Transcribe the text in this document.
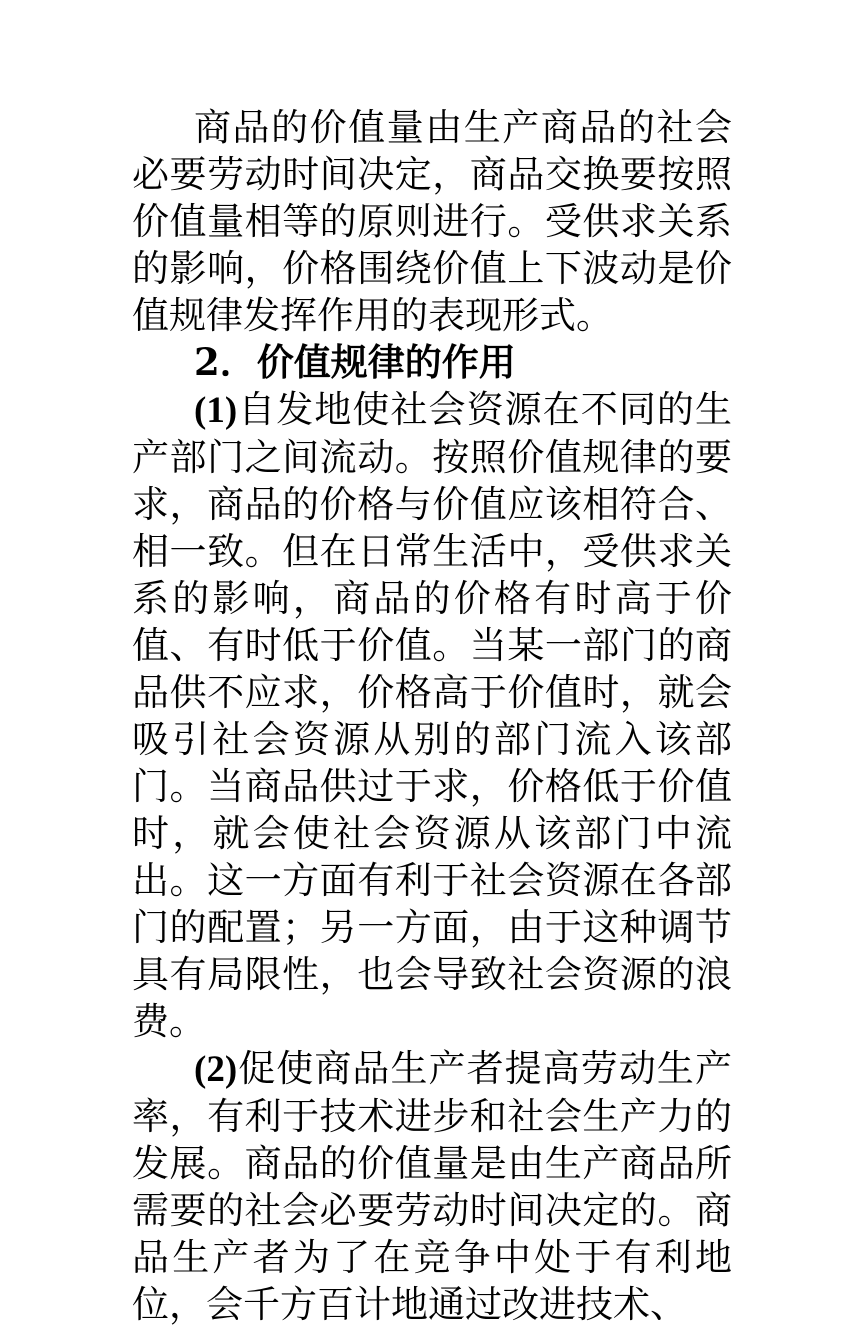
商品的价值量由生产商品的社会必要劳动时间决定，商品交换要按照价值量相等的原则进行。受供求关系的影响，价格围绕价值上下波动是价值规律发挥作用的表现形式。

2．价值规律的作用

(1)自发地使社会资源在不同的生产部门之间流动。按照价值规律的要求，商品的价格与价值应该相符合、相一致。但在日常生活中，受供求关系的影响，商品的价格有时高于价值、有时低于价值。当某一部门的商品供不应求，价格高于价值时，就会吸引社会资源从别的部门流入该部门。当商品供过于求，价格低于价值时，就会使社会资源从该部门中流出。这一方面有利于社会资源在各部门的配置；另一方面，由于这种调节具有局限性，也会导致社会资源的浪费。

(2)促使商品生产者提高劳动生产率，有利于技术进步和社会生产力的发展。商品的价值量是由生产商品所需要的社会必要劳动时间决定的。商品生产者为了在竞争中处于有利地位，会千方百计地通过改进技术、
